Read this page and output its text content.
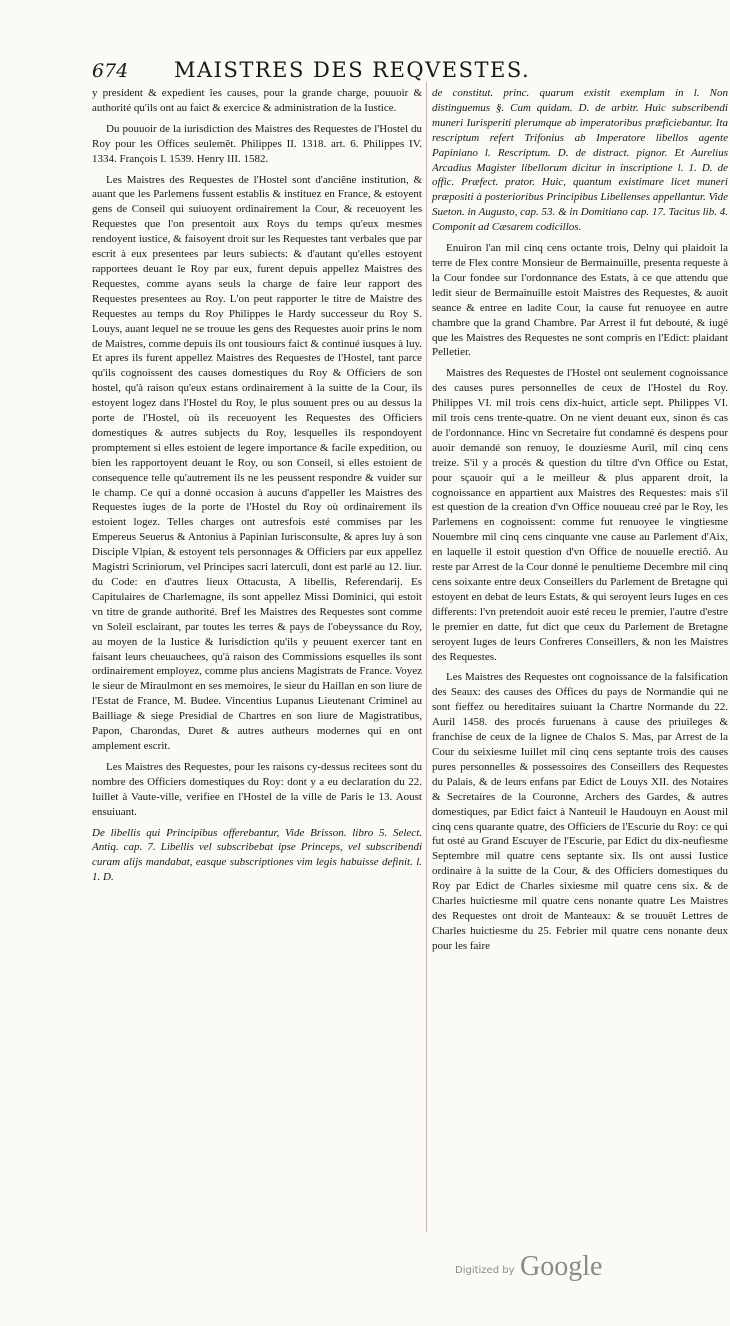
674 MAISTRES DES REQVESTES.

y president & expedient les causes, pour la grande charge, pouuoir & authorité qu'ils ont au faict & exercice & administration de la Iustice.

Du pouuoir de la iurisdiction des Maistres des Requestes de l'Hostel du Roy pour les Offices seulemẽt. Philippes II. 1318. art. 6. Philippes IV. 1334. François I. 1539. Henry III. 1582.

Les Maistres des Requestes de l'Hostel sont d'anciẽne institution, & auant que les Parlemens fussent establis & instituez en France, & estoyent gens de Conseil qui suiuoyent ordinairement la Cour, & receuoyent les Requestes que l'on presentoit aux Roys du temps qu'eux mesmes rendoyent iustice, & faisoyent droit sur les Requestes tant verbales que par escrit à eux presentees par leurs subiects: & d'autant qu'elles estoyent rapportees deuant le Roy par eux, furent depuis appellez Maistres des Requestes, comme ayans seuls la charge de faire leur rapport des Requestes presentees au Roy. L'on peut rapporter le titre de Maistre des Requestes au temps du Roy Philippes le Hardy successeur du Roy S. Louys, auant lequel ne se trouue les gens des Requestes auoir prins le nom de Maistres, comme depuis ils ont tousiours faict & continué iusques à luy. Et apres ils furent appellez Maistres des Requestes de l'Hostel, tant parce qu'ils cognoissent des causes domestiques du Roy & Officiers de son hostel, qu'à raison qu'eux estans ordinairement à la suitte de la Cour, ils estoyent logez dans l'Hostel du Roy, le plus souuent pres ou au dessus la porte de l'Hostel, où ils receuoyent les Requestes des Officiers domestiques & autres subjects du Roy, lesquelles ils respondoyent promptement si elles estoient de legere importance & facile expedition, ou bien les rapportoyent deuant le Roy, ou son Conseil, si elles estoient de consequence telle qu'autrement ils ne les peussent respondre & vuider sur le champ. Ce qui a donné occasion à aucuns d'appeller les Maistres des Requestes iuges de la porte de l'Hostel du Roy où ordinairement ils estoient logez. Telles charges ont autresfois esté commises par les Empereus Seuerus & Antonius à Papinian Iurisconsulte, & apres luy à son Disciple Vlpian, & estoyent tels personnages & Officiers par eux appellez Magistri Scriniorum, vel Principes sacri laterculi, dont est parlé au 12. liur. du Code: en d'autres lieux Ottacusta, A libellis, Referendarij. Es Capitulaires de Charlemagne, ils sont appellez Missi Dominici, qui estoit vn titre de grande authorité. Bref les Maistres des Requestes sont comme vn Soleil esclairant, par toutes les terres & pays de l'obeyssance du Roy, au moyen de la Iustice & Iurisdiction qu'ils y peuuent exercer tant en faisant leurs cheuauchees, qu'à raison des Commissions esquelles ils sont ordinairement employez, comme plus anciens Magistrats de France. Voyez le sieur de Miraulmont en ses memoires, le sieur du Haillan en son liure de l'Estat de France, M. Budee. Vincentius Lupanus Lieutenant Criminel au Bailliage & siege Presidial de Chartres en son liure de Magistratibus, Papon, Charondas, Duret & autres autheurs modernes qui en ont amplement escrit.

Les Maistres des Requestes, pour les raisons cy-dessus recitees sont du nombre des Officiers domestiques du Roy: dont y a eu declaration du 22. Iuillet à Vaute-ville, verifiee en l'Hostel de la ville de Paris le 13. Aoust ensuiuant.

De libellis qui Principibus offerebantur, Vide Brisson. libro 5. Select. Antiq. cap. 7. Libellis vel subscribebat ipse Princeps, vel subscribendi curam alijs mandabat, easque subscriptiones vim legis habuisse definit. l. 1. D.

de constitut. princ. quarum existit exemplam in l. Non distinguemus §. Cum quidam. D. de arbitr. Huic subscribendi muneri Iurisperiti plerumque ab imperatoribus præficiebantur. Ita rescriptum refert Trifonius ab Imperatore libellos agente Papiniano l. Rescriptum. D. de distract. pignor. Et Aurelius Arcadius Magister libellorum dicitur in inscriptione l. 1. D. de offic. Præfect. prator. Huic, quantum existimare licet muneri præpositi à posterioribus Principibus Libellenses appellantur. Vide Sueton. in Augusto, cap. 53. & in Domitiano cap. 17. Tacitus lib. 4. Componit ad Cæsarem codicillos.

Enuiron l'an mil cinq cens octante trois, Delny qui plaidoit la terre de Flex contre Monsieur de Bermainuille, presenta requeste à la Cour fondee sur l'ordonnance des Estats, à ce que attendu que ledit sieur de Bermainuille estoit Maistres des Requestes, & auoit seance & entree en ladite Cour, la cause fut renuoyee en autre chambre que la grand Chambre. Par Arrest il fut debouté, & iugé que les Maistres des Requestes ne sont compris en l'Edict: plaidant Pelletier.

Maistres des Requestes de l'Hostel ont seulement cognoissance des causes pures personnelles de ceux de l'Hostel du Roy. Philippes VI. mil trois cens dix-huict, article sept. Philippes VI. mil trois cens trente-quatre. On ne vient deuant eux, sinon és cas de l'ordonnance. Hinc vn Secretaire fut condamné és despens pour auoir demandé son renuoy, le douziesme Auril, mil cinq cens treize. S'il y a procés & question du tiltre d'vn Office ou Estat, pour sçauoir qui a le meilleur & plus apparent droit, la cognoissance en appartient aux Maistres des Requestes: mais s'il est question de la creation d'vn Office nouueau creé par le Roy, les Parlemens en cognoissent: comme fut renuoyee le vingtiesme Nouembre mil cinq cens cinquante vne cause au Parlement d'Aix, en laquelle il estoit question d'vn Office de nouuelle erectiõ. Au reste par Arrest de la Cour donné le penultieme Decembre mil cinq cens soixante entre deux Conseillers du Parlement de Bretagne qui estoyent en debat de leurs Estats, & qui seroyent leurs Iuges en ces differents: l'vn pretendoit auoir esté receu le premier, l'autre d'estre le premier en datte, fut dict que ceux du Parlement de Bretagne seroyent Iuges de leurs Confreres Conseillers, & non les Maistres des Requestes.

Les Maistres des Requestes ont cognoissance de la falsification des Seaux: des causes des Offices du pays de Normandie qui ne sont fieffez ou hereditaires suiuant la Chartre Normande du 22. Auril 1458. des procés furuenans à cause des priuileges & franchise de ceux de la lignee de Chalos S. Mas, par Arrest de la Cour du seixiesme Iuillet mil cinq cens septante trois des causes pures personnelles & possessoires des Conseillers des Requestes du Palais, & de leurs enfans par Edict de Louys XII. des Notaires & Secretaires de la Couronne, Archers des Gardes, & autres domestiques, par Edict faict à Nanteuil le Haudouyn en Aoust mil cinq cens quarante quatre, des Officiers de l'Escurie du Roy: ce qui fut osté au Grand Escuyer de l'Escurie, par Edict du dix-neufiesme Septembre mil quatre cens septante six. Ils ont aussi Iustice ordinaire à la suitte de la Cour, & des Officiers domestiques du Roy par Edict de Charles sixiesme mil quatre cens six. & de Charles huictiesme mil quatre cens nonante quatre Les Maistres des Requestes ont droit de Manteaux: & se trouuët Lettres de Charles huictiesme du 25. Febrier mil quatre cens nonante deux pour les faire

Digitized by Google
